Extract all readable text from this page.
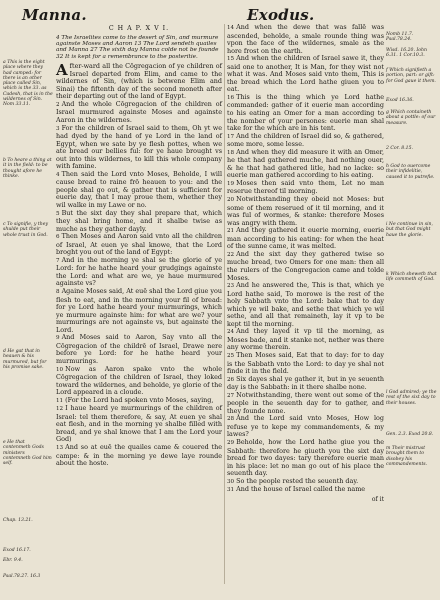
Manna.	Exodus.
a This is the eight place where they had camped: for there is an other place called Sin, which is the 33. as Cadesh, that is in the wildernes of Sin. Nom 33.11.
b To heare a thing at it in the field: to be thought afore he thinke.
c To signifie, y they shulde put their whole trust in God.
d He gat that in heauen & his murmured, but for his promise sake.
e He that contenmeth Gods ministers contemneth God him self.
Chap. 13.21.
Exod 16.17.
Ebr. 9.4.
Psal.78.27. 16.3
C H A P. X V I.
4 The Israelites come to the desert of Sin, and murmure againste Moses and Aaron 13 The Lord sendeth quailes and Manna 27 The sixth day Manna colde not be founde 32 It is kept for a remembrance to the posteritie.

After-ward all the Cōgregacion of ye children of Israel departed from Elim, and came to the wildernes of Sin, (which is betwene Elim and Sinai) the fiftenth day of the second moneth after their departing out of the land of Egypt.

2 And the whole Cōgregacion of the children of Israel murmured againste Moses and againste Aaron in the wildernes.

3 For the children of Israel said to them, Oh yt we had dyed by the hand of ye Lord in the land of Egypt, when we sate by ye flesh pottes, when we ate bread our bellies ful: for ye haue brought vs out into this wildernes, to kill this whole company with famine.

4 Then said the Lord vnto Moses, Beholde, I will cause bread to raine frō heauen to you: and the people shal go out, & gather that is sufficient for euerie day, that I may proue them, whether they wil walke in my Lawe or no.

5 But the sixt day they shal prepare that, which they shal bring home, and it shalbe twise as muche as they gather dayly.

6 Then Moses and Aaron said vnto all the children of Israel, At euen ye shal knowe, that the Lord broght you out of the land of Egypt:

7 And in the morning ye shal se the glorie of ye Lord: for he hathe heard your grudgings againste the Lord: and what are we, ye haue murmured againste vs?

8 Againe Moses said, At euē shal the Lord giue you flesh to eat, and in the morning your fil of bread: for ye Lord hathe heard your murmurings, which ye murmure againste him: for what are we? your murmurings are not againste vs, but againste the Lord.

9 And Moses said to Aaron, Say vnto all the Cōgregacion of the childrē of Israel, Drawe nere before ye Lord: for he hathe heard your murmurings.

10 Now as Aaron spake vnto the whole Cōgregacion of the children of Israel, they loked toward the wildernes, and beholde, ye glorie of the Lord appeared in a cloude.

11 (For the Lord had spoken vnto Moses, saying,

12 I haue heard ye murmurings of the children of Israel: tel them therefore, & say, At euen ye shal eat flesh, and in the morning ye shalbe filled with bread, and ye shal knowe that I am the Lord your God)

13 And so at euē the quailes came & couered the campe: & in the morning ye dewe laye rounde about the hoste.

14 And when the dewe that was fallē was ascended, beholde, a smale rounde thing was vpon the face of the wildernes, smale as the hore frost on the earth.

15 And when the children of Israel sawe it, they said one to another, It is Man, for they wist not what it was. And Moses said vnto them, This is the bread which the Lord hathe giuen you to eat.

16 This is the thing which ye Lord hathe commanded: gather of it euerie man according to his eating an Omer for a man according to the nomber of your persones: euerie man shal take for the which are in his tent.

17 And the children of Israel did so, & gathered, some more, some lesse.

18 And when they did measure it with an Omer, he that had gathered muche, had nothing ouer, & he that had gathered litle, had no lacke: so euerie man gathered according to his eating.

19 Moses then said vnto them, Let no man reserue thereof til morning.

20 Notwithstanding they obeid not Moses: but some of them reserued of it til morning, and it was ful of wormes, & stanke: therefore Moses was angry with them.

21 And they gathered it euerie morning, euerie man according to his eating: for when the heat of the sunne came, it was melted.

22 And the sixt day they gathered twise so muche bread, two Omers for one man: then all the rulers of the Congregacion came and tolde Moses.

23 And he answered the, This is that, which ye Lord hathe said, To morowe is the rest of the holy Sabbath vnto the Lord: bake that to day which ye wil bake, and sethe that which ye wil sethe, and all that remaineth, lay it vp to be kept til the morning.

24 And they layed it vp til the morning, as Moses bade, and it stanke not, nether was there any worme therein.

25 Then Moses said, Eat that to day: for to day is the Sabbath vnto the Lord: to day ye shal not finde it in the field.

26 Six dayes shal ye gather it, but in ye seuenth day is the Sabbath: in it there shalbe none.

27 Notwithstanding, there went out some of the people in the seuenth day for to gather, and they founde none.

28 And the Lord said vnto Moses, How log refuse ye to kepe my commandements, & my lawes?

29 Beholde, how the Lord hathe giue you the Sabbath: therefore he giueth you the sixt day bread for two dayes: tary therefore euerie man in his place: let no man go out of his place the seuenth day.

30 So the people rested the seuenth day.

31 And the house of Israel called the name

of it
Nomb 11.7. Psal.78.24.
Wisd. 16.20. Iohn 6.31. 1 Cor.10.3.
f Which signifieth a portion, part: or gift: for God gaue it them.
Exod 16.36.
g Which containeth about a pottle: of our measure.
2 Cor. 8.15.
h God to ouercome their infidelitie, caused it to putrefie.
i Ne continue in sin, but that God might haue the glorie.
k Which sheweth that life commeth of God.
l God admired; ye the rest of the sixt day to their houses.
Gen. 2.3. Exod 20.8.
m Their mistrust brought them to disobey his commandements.
